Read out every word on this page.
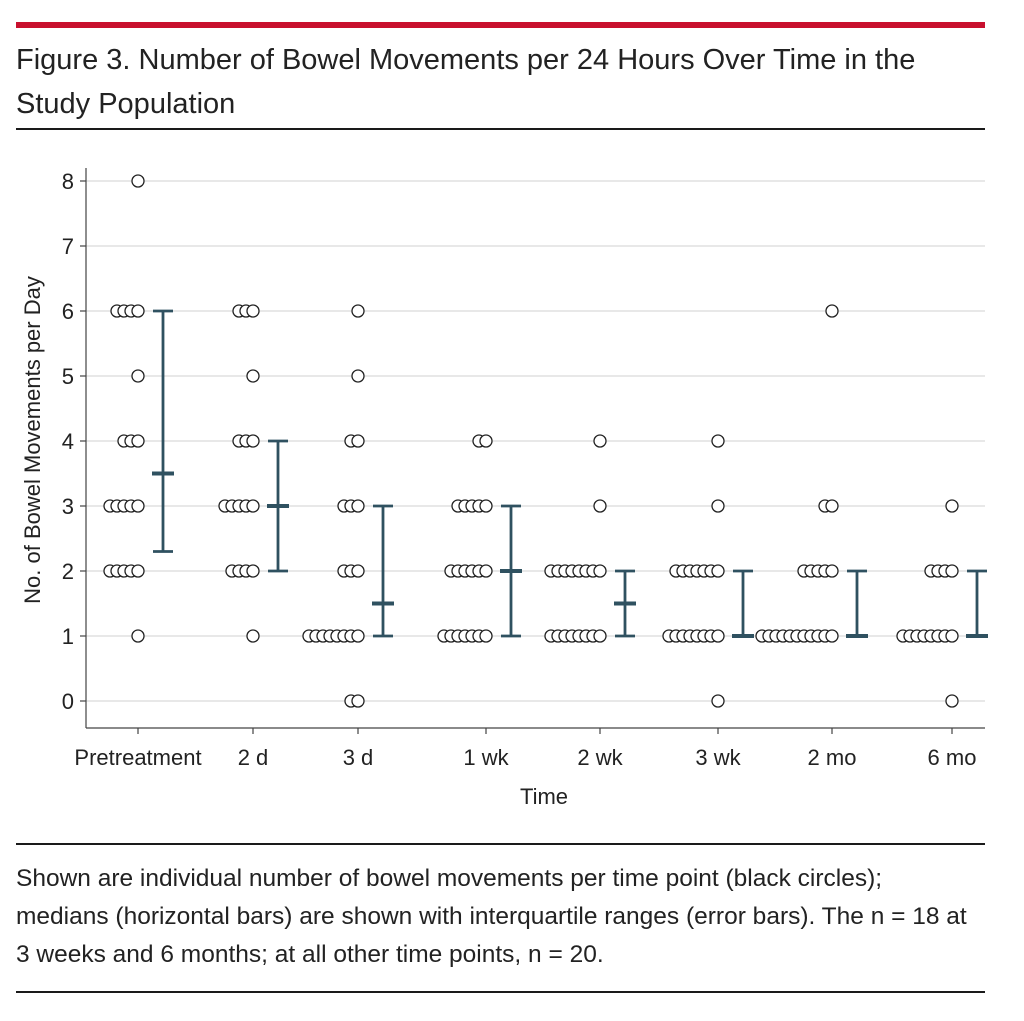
Figure 3. Number of Bowel Movements per 24 Hours Over Time in the Study Population
0
1
2
3
4
5
6
7
8
Pretreatment 2 d	3 d	1 wk	2 wk	3 wk	2 mo	6 mo
No. of Bowel Movements per Day
Time

Shown are individual number of bowel movements per time point (black circles); medians (horizontal bars) are shown with interquartile ranges (error bars). The n = 18 at 3 weeks and 6 months; at all other time points, n = 20.
